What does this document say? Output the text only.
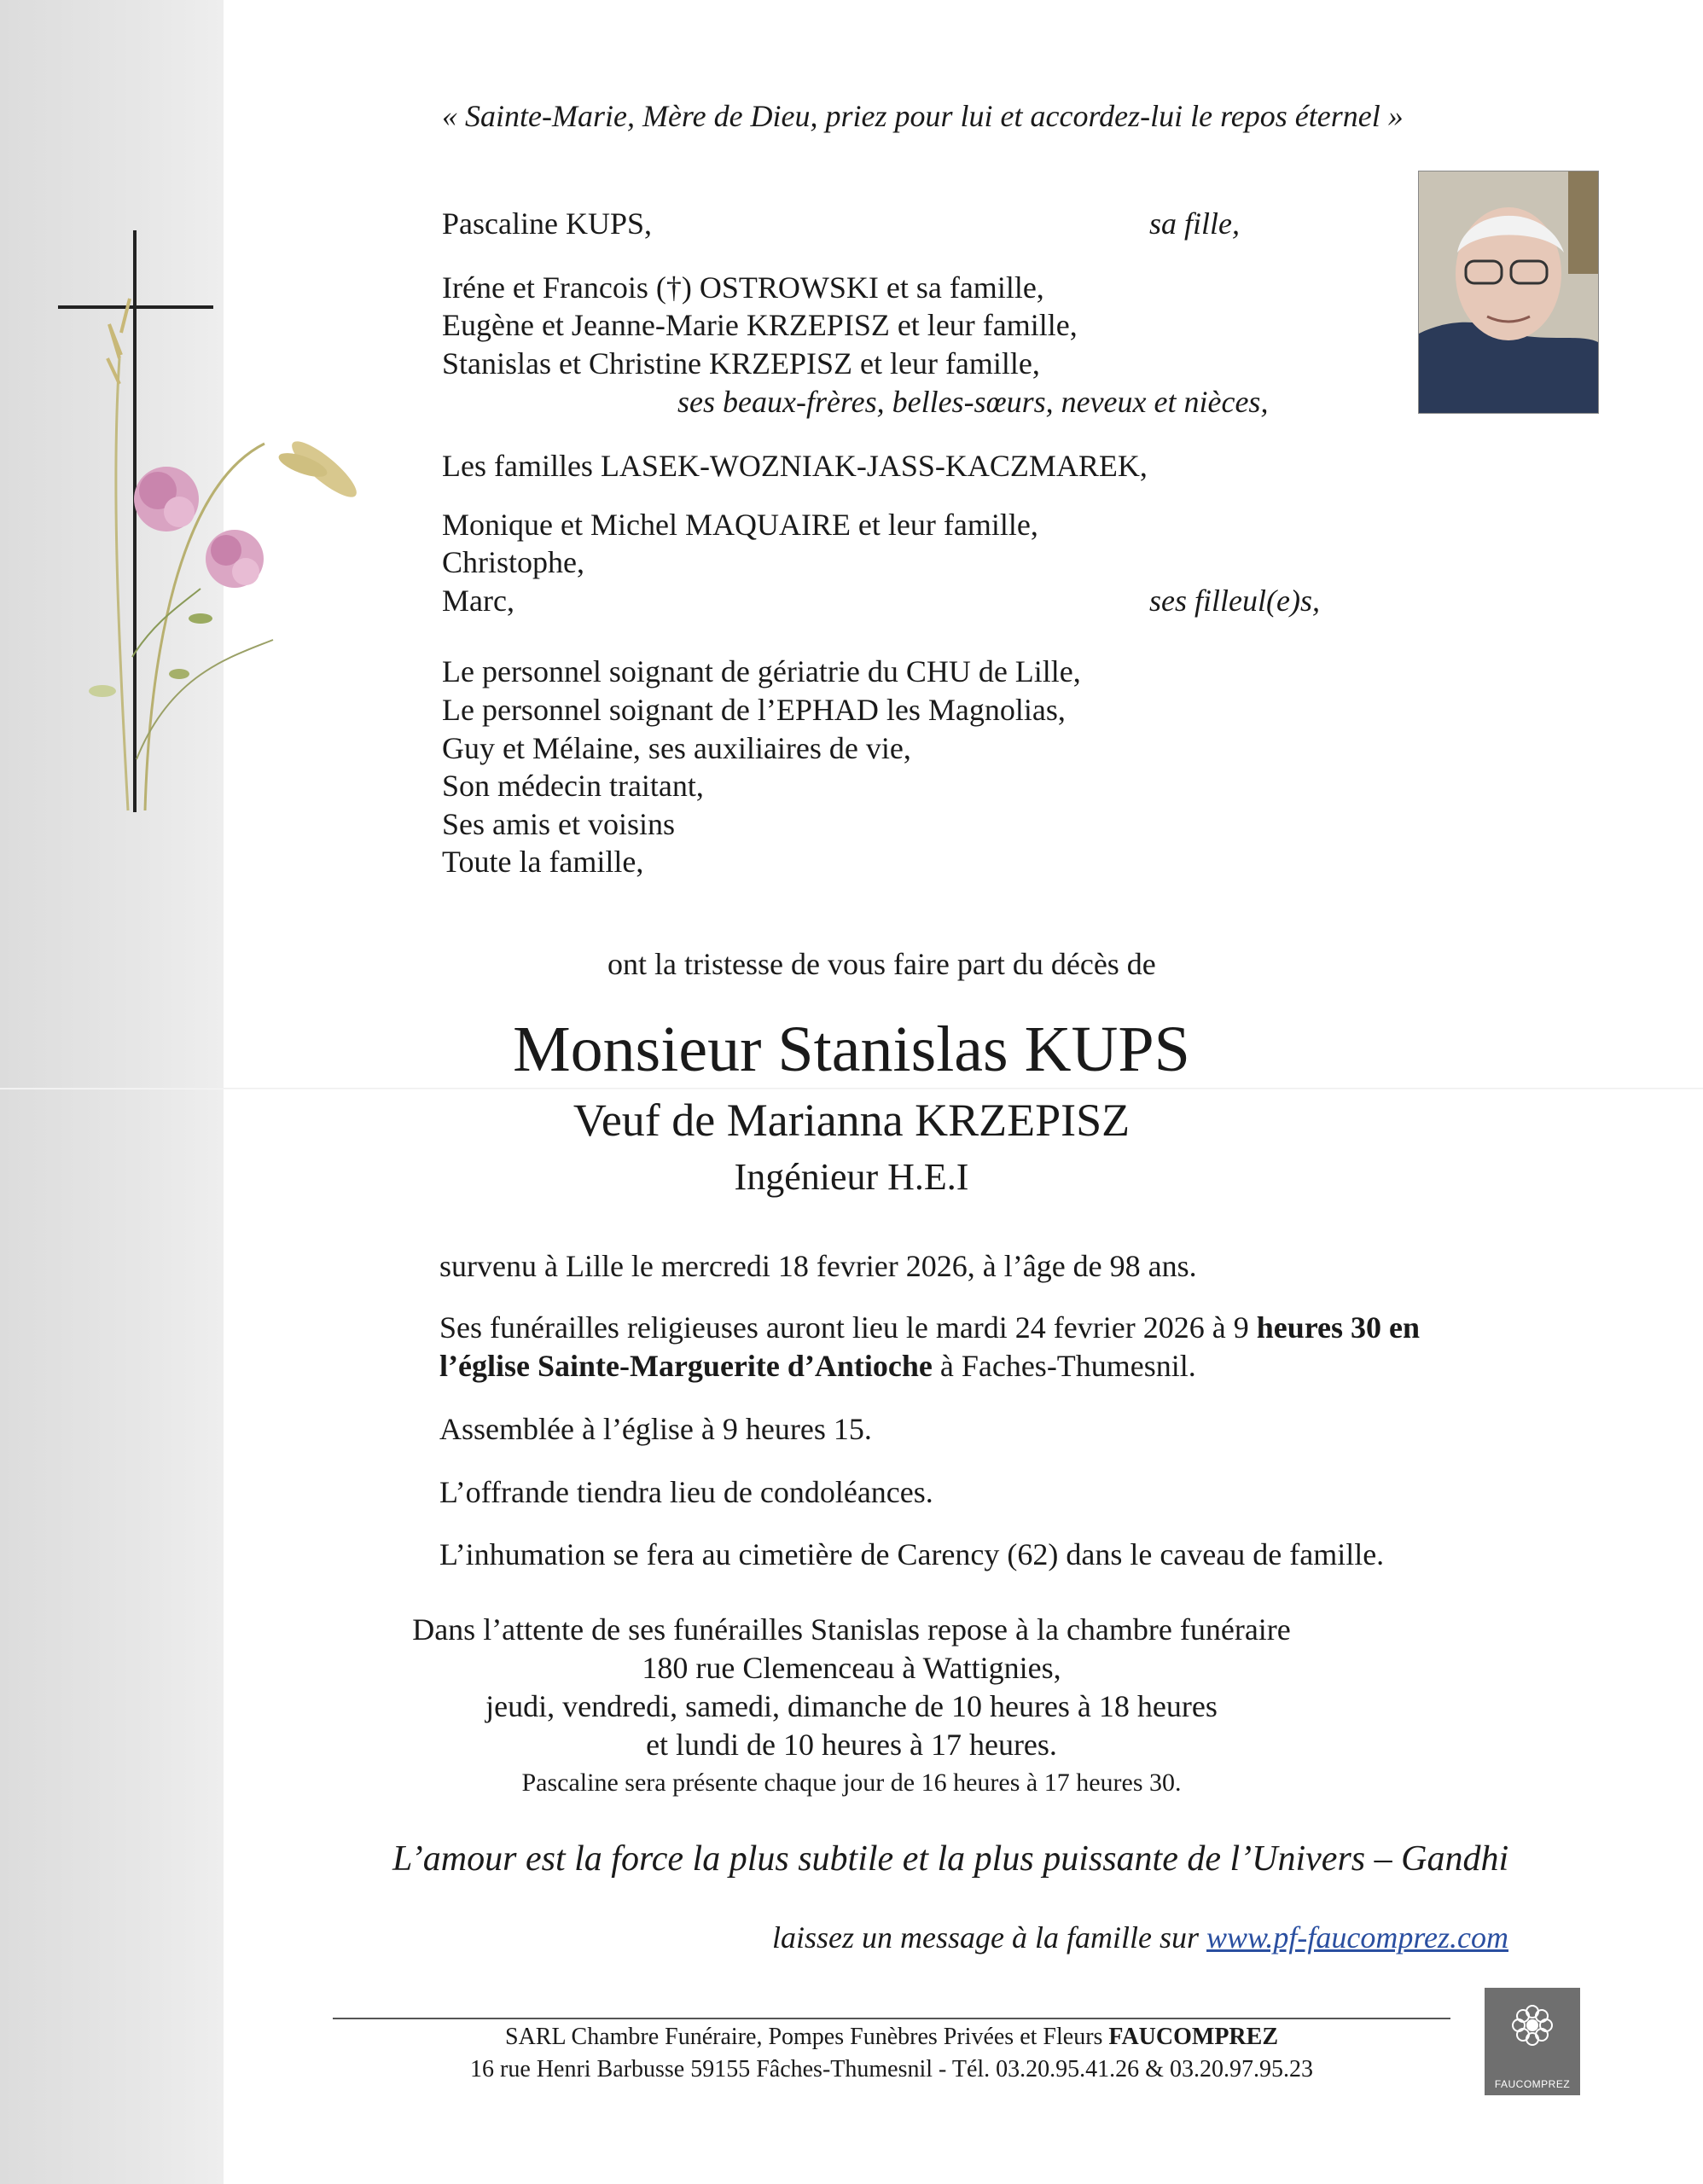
« Sainte-Marie, Mère de Dieu, priez pour lui et accordez-lui le repos éternel »
Pascaline KUPS,	sa fille,
Iréne et Francois (†) OSTROWSKI et sa famille,
Eugène et Jeanne-Marie KRZEPISZ et leur famille,
Stanislas et Christine KRZEPISZ et leur famille,
ses beaux-frères, belles-sœurs, neveux et nièces,
Les familles LASEK-WOZNIAK-JASS-KACZMAREK,
Monique et Michel MAQUAIRE et leur famille,
Christophe,
Marc,	ses filleul(e)s,
Le personnel soignant de gériatrie du CHU de Lille,
Le personnel soignant de l’EPHAD les Magnolias,
Guy et Mélaine, ses auxiliaires de vie,
Son médecin traitant,
Ses amis et voisins
Toute la famille,
ont la tristesse de vous faire part du décès de
Monsieur Stanislas KUPS
Veuf de Marianna KRZEPISZ
Ingénieur H.E.I
survenu à Lille le mercredi 18 fevrier 2026, à l’âge de 98 ans.
Ses funérailles religieuses auront lieu le mardi 24 fevrier 2026 à 9 heures 30 en
l’église Sainte-Marguerite d’Antioche à Faches-Thumesnil.
Assemblée à l’église à 9 heures 15.
L’offrande tiendra lieu de condoléances.
L’inhumation se fera au cimetière de Carency (62) dans le caveau de famille.
Dans l’attente de ses funérailles Stanislas repose à la chambre funéraire
180 rue Clemenceau à Wattignies,
jeudi, vendredi, samedi, dimanche de 10 heures à 18 heures
et lundi de 10 heures à 17 heures.
Pascaline sera présente chaque jour de 16 heures à 17 heures 30.
L’amour est la force la plus subtile et la plus puissante de l’Univers – Gandhi
laissez un message à la famille sur www.pf-faucomprez.com
SARL Chambre Funéraire, Pompes Funèbres Privées et Fleurs FAUCOMPREZ
16 rue Henri Barbusse 59155 Fâches-Thumesnil - Tél. 03.20.95.41.26 & 03.20.97.95.23
FAUCOMPREZ
